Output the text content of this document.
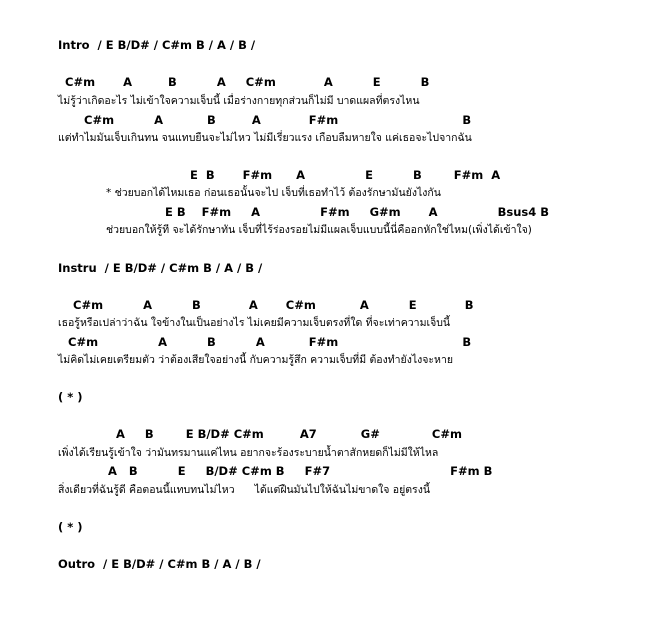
Intro  / E B/D# / C#m B / A / B /
C#m       A         B          A     C#m            A          E          B
ไม่รู้ว่าเกิดอะไร ไม่เข้าใจความเจ็บนี้ เมื่อร่างกายทุกส่วนก็ไม่มี บาดแผลที่ตรงไหน
C#m          A           B         A            F#m                               B
แต่ทำไมมันเจ็บเกินทน จนแทบยืนจะไม่ไหว ไม่มีเรี่ยวแรง เกือบลืมหายใจ แค่เธอจะไปจากฉัน
E  B       F#m      A               E          B        F#m  A
* ช่วยบอกได้ไหมเธอ ก่อนเธอนั้นจะไป เจ็บที่เธอทำไว้ ต้องรักษามันยังไงกัน
E B    F#m     A               F#m     G#m       A               Bsus4 B
ช่วยบอกให้รู้ที จะได้รักษาทัน เจ็บที่ไร้ร่องรอยไม่มีแผลเจ็บแบบนี้นี่คืออกหักใช่ไหม(เพิ่งได้เข้าใจ)
Instru  / E B/D# / C#m B / A / B /
C#m          A          B            A       C#m           A          E            B
เธอรู้หรือเปล่าว่าฉัน ใจข้างในเป็นอย่างไร ไม่เคยมีความเจ็บตรงที่ใด ที่จะเท่าความเจ็บนี้
C#m               A          B          A           F#m                               B
ไม่คิดไม่เคยเตรียมตัว ว่าต้องเสียใจอย่างนี้ กับความรู้สึก ความเจ็บที่มี ต้องทำยังไงจะหาย
( * )
A     B        E B/D# C#m         A7           G#             C#m
เพิ่งได้เรียนรู้เข้าใจ ว่ามันทรมานแค่ไหน อยากจะร้องระบายน้ำตาสักหยดก็ไม่มีให้ไหล
A   B          E     B/D# C#m B     F#7                              F#m B
สิ่งเดียวที่ฉันรู้ดี คือตอนนี้แทบทนไม่ไหว      ได้แต่ฝืนมันไปให้ฉันไม่ขาดใจ อยู่ตรงนี้
( * )
Outro  / E B/D# / C#m B / A / B /
